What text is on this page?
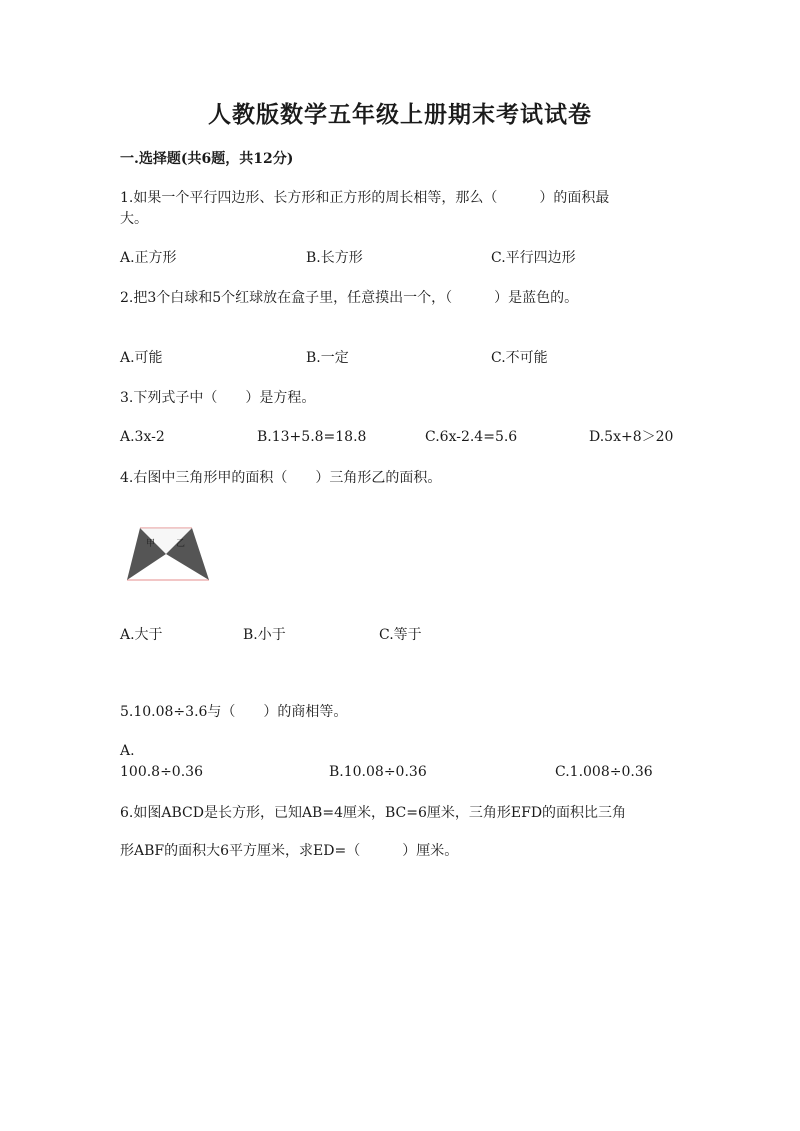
人教版数学五年级上册期末考试试卷
一.选择题(共6题，共12分)
1.如果一个平行四边形、长方形和正方形的周长相等，那么（　　　）的面积最
大。
A.正方形	B.长方形	C.平行四边形
2.把3个白球和5个红球放在盒子里，任意摸出一个，（　　　）是蓝色的。
A.可能	B.一定	C.不可能
3.下列式子中（　　）是方程。
A.3x-2	B.13+5.8=18.8	C.6x-2.4=5.6	D.5x+8＞20
4.右图中三角形甲的面积（　　）三角形乙的面积。
甲 乙
A.大于	B.小于	C.等于
5.10.08÷3.6与（　　）的商相等。
A.
100.8÷0.36	B.10.08÷0.36	C.1.008÷0.36
6.如图ABCD是长方形，已知AB=4厘米，BC=6厘米，三角形EFD的面积比三角
形ABF的面积大6平方厘米，求ED=（　　　）厘米。
